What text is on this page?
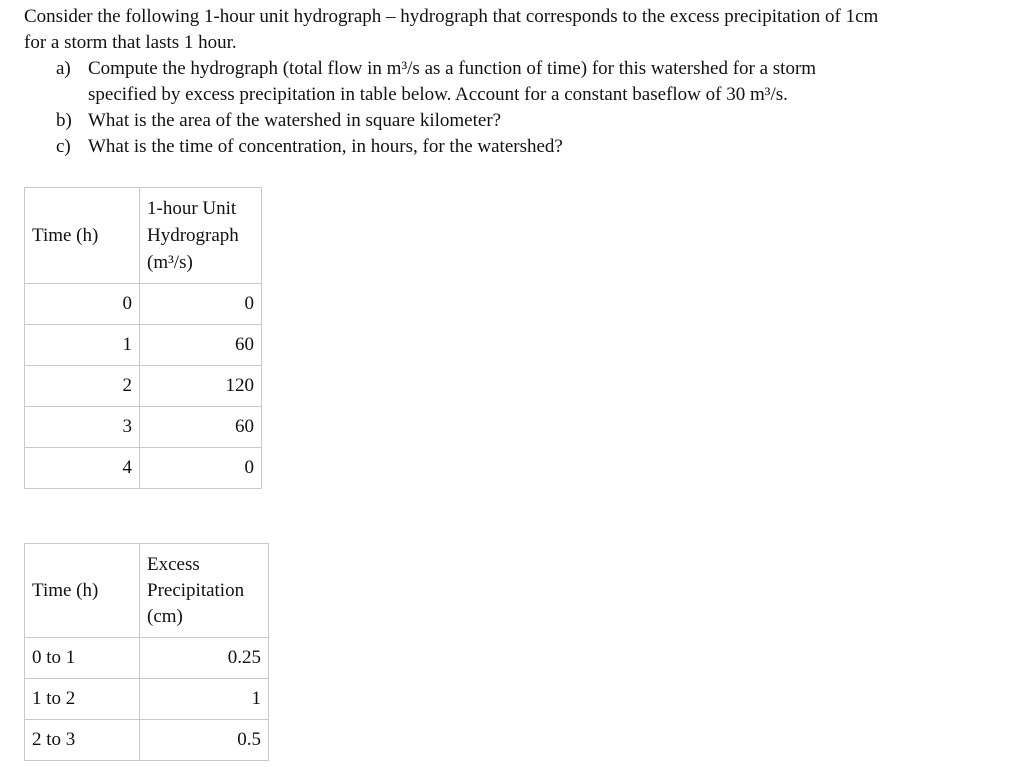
Consider the following 1-hour unit hydrograph – hydrograph that corresponds to the excess precipitation of 1cm

for a storm that lasts 1 hour.

a) Compute the hydrograph (total flow in m³/s as a function of time) for this watershed for a storm
specified by excess precipitation in table below. Account for a constant baseflow of 30 m³/s.
b) What is the area of the watershed in square kilometer?
c) What is the time of concentration, in hours, for the watershed?
Time (h)	1-hour Unit
Hydrograph
(m³/s)

0	0
1	60
2	120
3	60
4	0
Time (h)	Excess
Precipitation
(cm)

0 to 1	0.25
1 to 2	1
2 to 3	0.5
